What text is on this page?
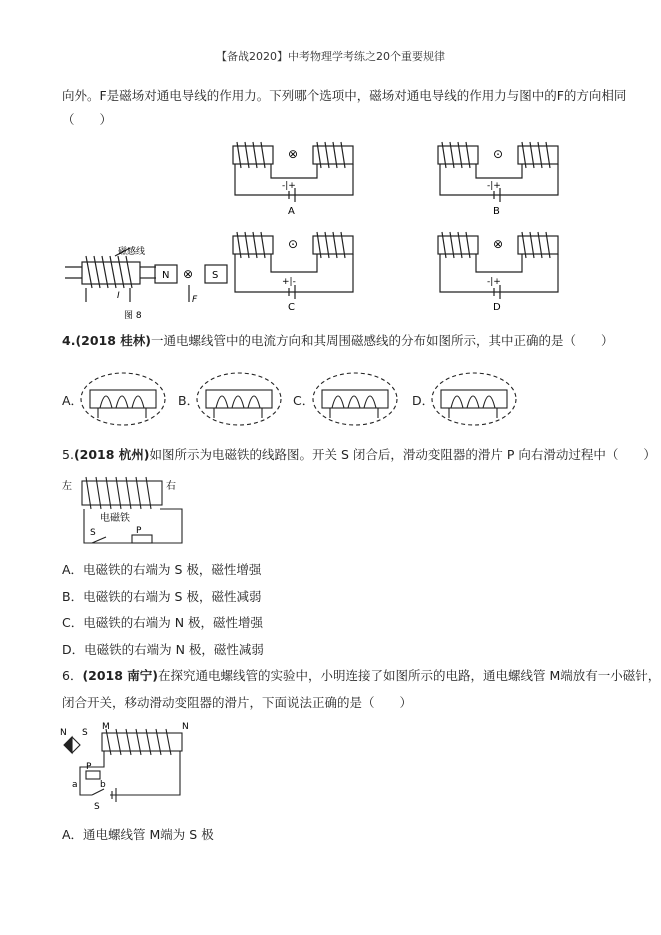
【备战2020】中考物理学考练之20个重要规律
向外。F是磁场对通电导线的作用力。下列哪个选项中，磁场对通电导线的作用力与图中的F的方向相同
（　　）
磁感线
N	S
⊗
F
I
图 8
⊗
-|+
A
⊙
-|+
B
⊙
+|-
C
⊗
-|+
D
4.(2018 桂林)一通电螺线管中的电流方向和其周围磁感线的分布如图所示，其中正确的是（　　）
A．	B．	C．	D．
5.(2018 杭州)如图所示为电磁铁的线路图。开关 S 闭合后，滑动变阻器的滑片 P 向右滑动过程中（　　）
左	右
电磁铁
S	P
A．电磁铁的右端为 S 极，磁性增强
B．电磁铁的右端为 S 极，磁性减弱
C．电磁铁的右端为 N 极，磁性增强
D．电磁铁的右端为 N 极，磁性减弱
6．(2018 南宁)在探究通电螺线管的实验中，小明连接了如图所示的电路，通电螺线管 M端放有一小磁针，
闭合开关，移动滑动变阻器的滑片，下面说法正确的是（　　）
N S
M	N
P
a b
S
A．通电螺线管 M端为 S 极
